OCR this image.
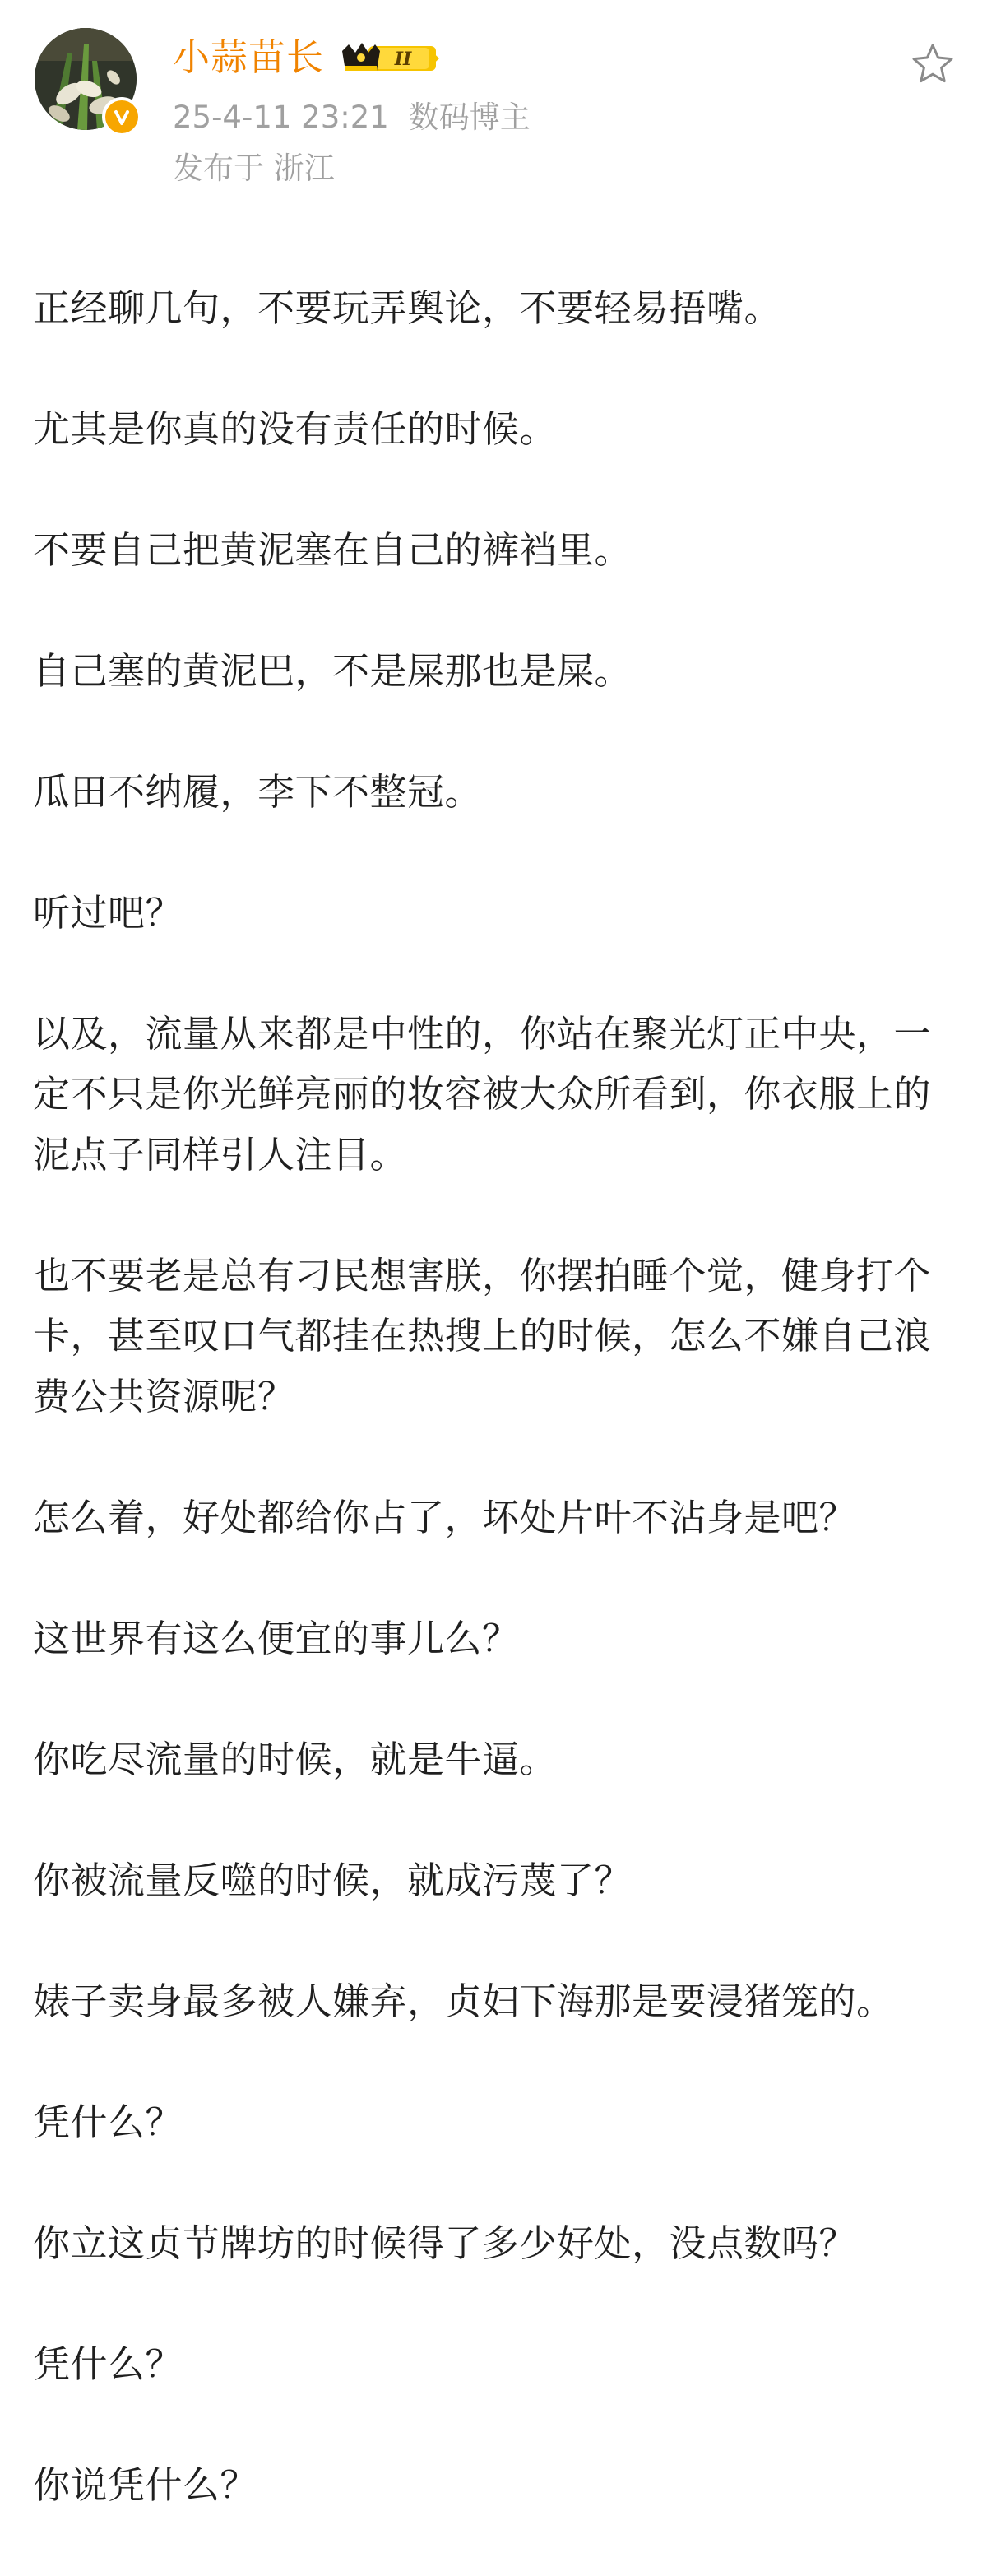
小蒜苗长	II
25-4-11 23:21 数码博主
发布于 浙江

正经聊几句，不要玩弄舆论，不要轻易捂嘴。

尤其是你真的没有责任的时候。

不要自己把黄泥塞在自己的裤裆里。

自己塞的黄泥巴，不是屎那也是屎。

瓜田不纳履，李下不整冠。

听过吧？

以及，流量从来都是中性的，你站在聚光灯正中央，一定不只是你光鲜亮丽的妆容被大众所看到，你衣服上的泥点子同样引人注目。

也不要老是总有刁民想害朕，你摆拍睡个觉，健身打个卡，甚至叹口气都挂在热搜上的时候，怎么不嫌自己浪费公共资源呢？

怎么着，好处都给你占了，坏处片叶不沾身是吧？

这世界有这么便宜的事儿么？

你吃尽流量的时候，就是牛逼。

你被流量反噬的时候，就成污蔑了？

婊子卖身最多被人嫌弃，贞妇下海那是要浸猪笼的。

凭什么？

你立这贞节牌坊的时候得了多少好处，没点数吗？

凭什么？

你说凭什么？
